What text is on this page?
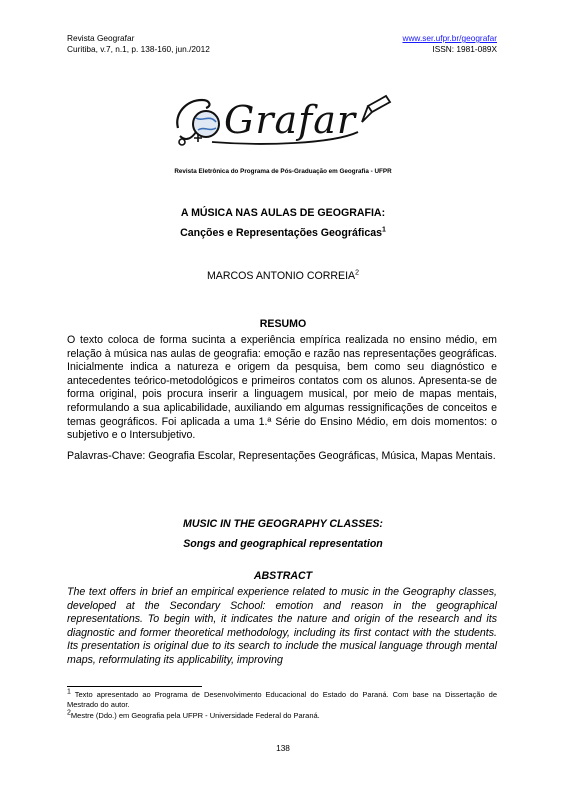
Revista Geografar
Curitiba, v.7, n.1, p. 138-160, jun./2012
www.ser.ufpr.br/geografar
ISSN: 1981-089X
Grafar
Revista Eletrônica do Programa de Pós-Graduação em Geografia - UFPR
A MÚSICA NAS AULAS DE GEOGRAFIA:
Canções e Representações Geográficas$^1$
MARCOS ANTONIO CORREIA$^2$
RESUMO
O texto coloca de forma sucinta a experiência empírica realizada no ensino médio, em relação à música nas aulas de geografia: emoção e razão nas representações geográficas. Inicialmente indica a natureza e origem da pesquisa, bem como seu diagnóstico e antecedentes teórico-metodológicos e primeiros contatos com os alunos. Apresenta-se de forma original, pois procura inserir a linguagem musical, por meio de mapas mentais, reformulando a sua aplicabilidade, auxiliando em algumas ressignificações de conceitos e temas geográficos. Foi aplicada a uma 1.ª Série do Ensino Médio, em dois momentos: o subjetivo e o Intersubjetivo.
Palavras-Chave: Geografia Escolar, Representações Geográficas, Música, Mapas Mentais.
MUSIC IN THE GEOGRAPHY CLASSES:
Songs and geographical representation
ABSTRACT
The text offers in brief an empirical experience related to music in the Geography classes, developed at the Secondary School: emotion and reason in the geographical representations. To begin with, it indicates the nature and origin of the research and its diagnostic and former theoretical methodology, including its first contact with the students. Its presentation is original due to its search to include the musical language through mental maps, reformulating its applicability, improving
$^1$ Texto apresentado ao Programa de Desenvolvimento Educacional do Estado do Paraná. Com base na Dissertação de Mestrado do autor.
$^2$Mestre (Ddo.) em Geografia pela UFPR - Universidade Federal do Paraná.
138
